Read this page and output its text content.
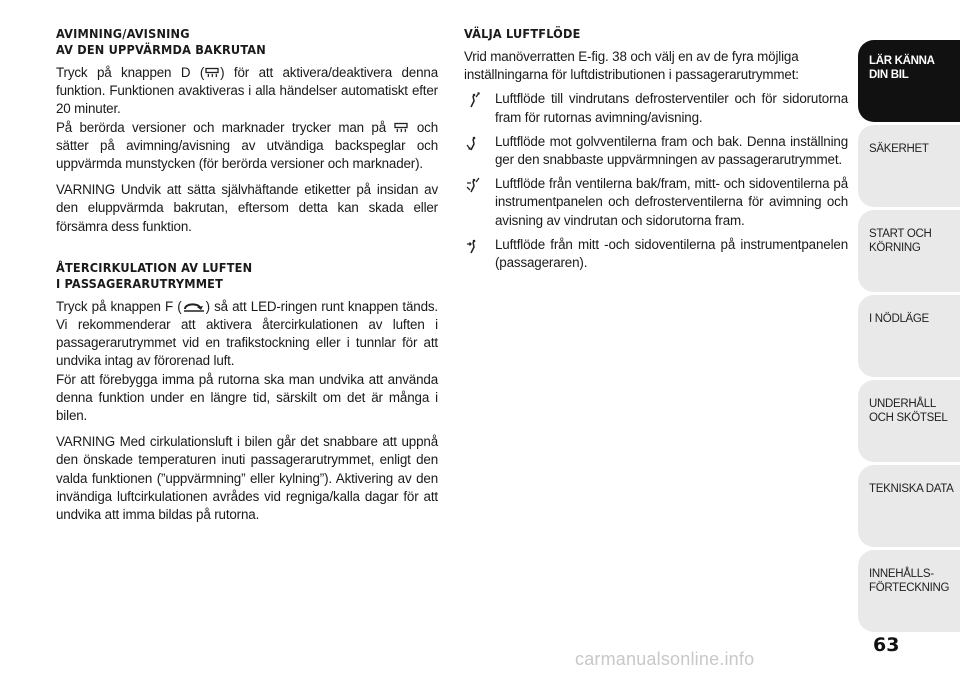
AVIMNING/AVISNING
AV DEN UPPVÄRMDA BAKRUTAN

Tryck på knappen D ( ) för att aktivera/deaktivera denna funktion. Funktionen avaktiveras i alla händelser automatiskt efter 20 minuter.

På berörda versioner och marknader trycker man på  och sätter på avimning/avisning av utvändiga backspeglar och uppvärmda munstycken (för berörda versioner och marknader).

VARNING Undvik att sätta självhäftande etiketter på insidan av den eluppvärmda bakrutan, eftersom detta kan skada eller försämra dess funktion.

ÅTERCIRKULATION AV LUFTEN
I PASSAGERARUTRYMMET

Tryck på knappen F ( ) så att LED-ringen runt knappen tänds. Vi rekommenderar att aktivera återcirkulationen av luften i passagerarutrymmet vid en trafikstockning eller i tunnlar för att undvika intag av förorenad luft.

För att förebygga imma på rutorna ska man undvika att använda denna funktion under en längre tid, särskilt om det är många i bilen.

VARNING Med cirkulationsluft i bilen går det snabbare att uppnå den önskade temperaturen inuti passagerarutrymmet, enligt den valda funktionen (”uppvärmning” eller kylning”). Aktivering av den invändiga luftcirkulationen avrådes vid regniga/kalla dagar för att undvika att imma bildas på rutorna.

VÄLJA LUFTFLÖDE

Vrid manöverratten E-fig. 38 och välj en av de fyra möjliga inställningarna för luftdistributionen i passagerarutrymmet:

Luftflöde till vindrutans defrosterventiler och för sidorutorna fram för rutornas avimning/avisning.
Luftflöde mot golvventilerna fram och bak. Denna inställning ger den snabbaste uppvärmningen av passagerarutrymmet.
Luftflöde från ventilerna bak/fram, mitt- och sidoventilerna på instrumentpanelen och defrosterventilerna för avimning och avisning av vindrutan och sidorutorna fram.
Luftflöde från mitt -och sidoventilerna på instrumentpanelen (passageraren).
LÄR KÄNNA
DIN BIL
SÄKERHET
START OCH
KÖRNING
I NÖDLÄGE
UNDERHÅLL
OCH SKÖTSEL
TEKNISKA DATA
INNEHÅLLS-
FÖRTECKNING
63
carmanualsonline.info
